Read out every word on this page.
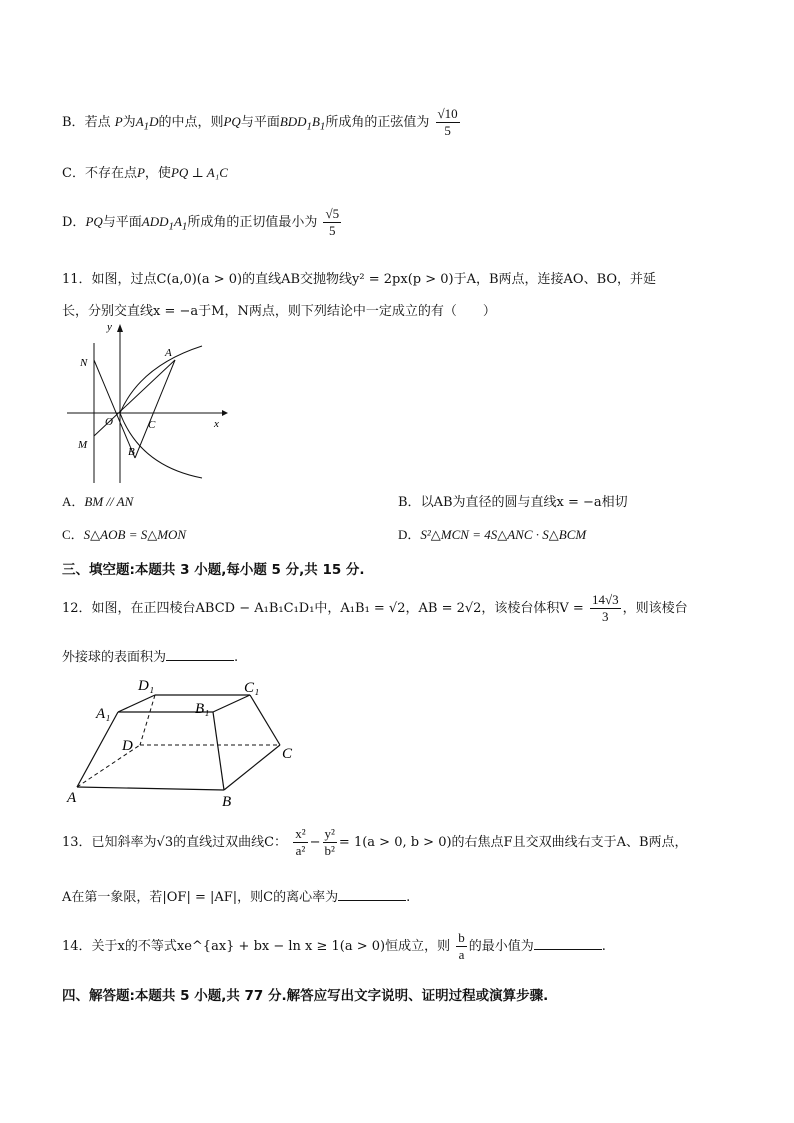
B．若点 P为$A_1D$的中点，则PQ与平面$BDD_1B_1$所成角的正弦值为 $\frac{√10}{5}$
C．不存在点P，使PQ ⊥ A₁C
D．PQ与平面$ADD_1A_1$所成角的正切值最小为 $\frac{√5}{5}$
11．如图，过点C(a,0)(a > 0)的直线AB交抛物线y² = 2px(p > 0)于A，B两点，连接AO、BO，并延
长，分别交直线x = −a于M，N两点，则下列结论中一定成立的有（　　）
y
x
O
N
M
A
B
C
A．BM // AN	B．以AB为直径的圆与直线x = −a相切
C．S△AOB = S△MON	D．S²△MCN = 4S△ANC · S△BCM
三、填空题:本题共 3 小题,每小题 5 分,共 15 分.
12．如图，在正四棱台ABCD − A₁B₁C₁D₁中，A₁B₁ = √2，AB = 2√2，该棱台体积$V = \frac{14√3}{3}$ ，则该棱台
外接球的表面积为	.
D₁	C₁
A₁	B₁
D	C
A	B
13．已知斜率为√3的直线过双曲线C： $\frac{\text{x²}}{\text{a²}} - \frac{\text{y²}}{\text{b²}} = 1(a > 0$, b > 0)的右焦点F且交双曲线右支于A、B两点，
A在第一象限，若|OF| = |AF|，则C的离心率为	.
14．关于x的不等式xe^{ax} + bx − ln x ≥ 1(a > 0)恒成立，则 $\frac{b}{a}$ 的最小值为	.
四、解答题:本题共 5 小题,共 77 分.解答应写出文字说明、证明过程或演算步骤.
